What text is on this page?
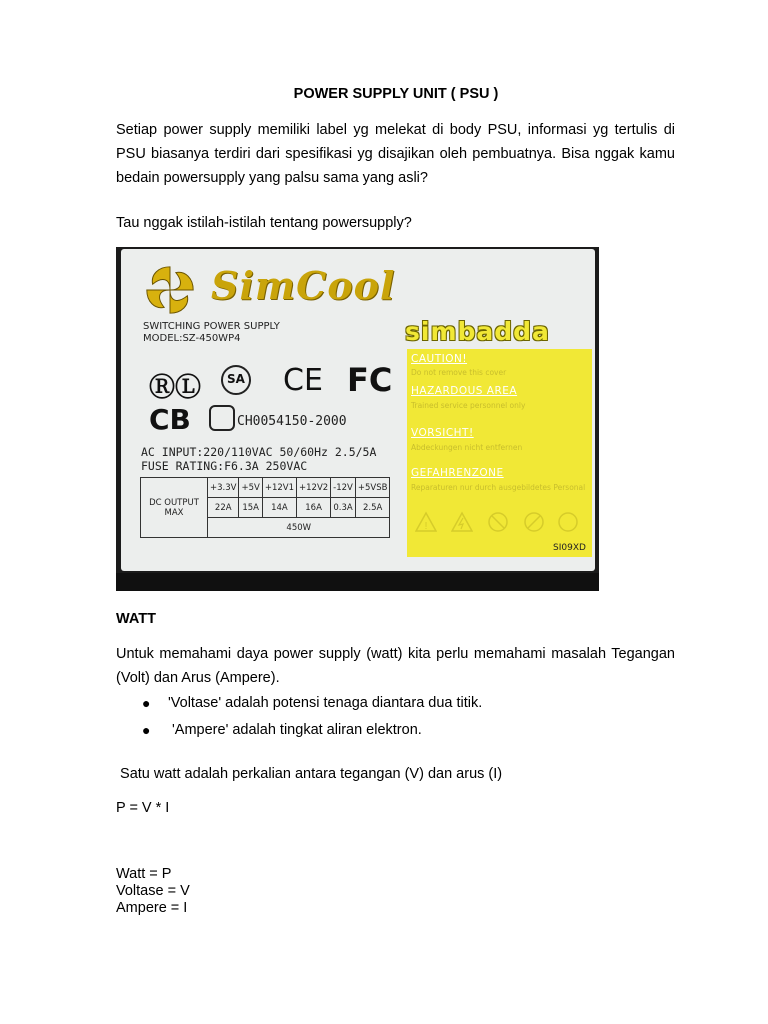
POWER SUPPLY UNIT ( PSU )
Setiap power supply memiliki label yg melekat di body PSU, informasi yg tertulis di PSU biasanya terdiri dari spesifikasi yg disajikan oleh pembuatnya. Bisa nggak kamu bedain powersupply yang palsu sama yang asli?
Tau nggak istilah-istilah tentang powersupply?
SimCool
SWITCHING POWER SUPPLY
MODEL:SZ-450WP4	simbadda
ⓇⓁ SA CE FC
CB	CH0054150-2000
AC INPUT:220/110VAC 50/60Hz 2.5/5A
FUSE RATING:F6.3A 250VAC
DC OUTPUT MAX	+3.3V	+5V	+12V1	+12V2	-12V	+5VSB
	22A	15A	14A	16A	0.3A	2.5A
	450W					
CAUTION!
Do not remove this cover
HAZARDOUS AREA
Trained service personnel only
VORSICHT!
Abdeckungen nicht entfernen
GEFAHRENZONE
Reparaturen nur durch ausgebildetes Personal
!
SI09XD
WATT
Untuk memahami daya power supply (watt) kita perlu memahami masalah Tegangan (Volt) dan Arus (Ampere).
● 'Voltase' adalah potensi tenaga diantara dua titik.
● 'Ampere' adalah tingkat aliran elektron.
Satu watt adalah perkalian antara tegangan (V) dan arus (I)
P = V * I
Watt = P
Voltase = V
Ampere = I
